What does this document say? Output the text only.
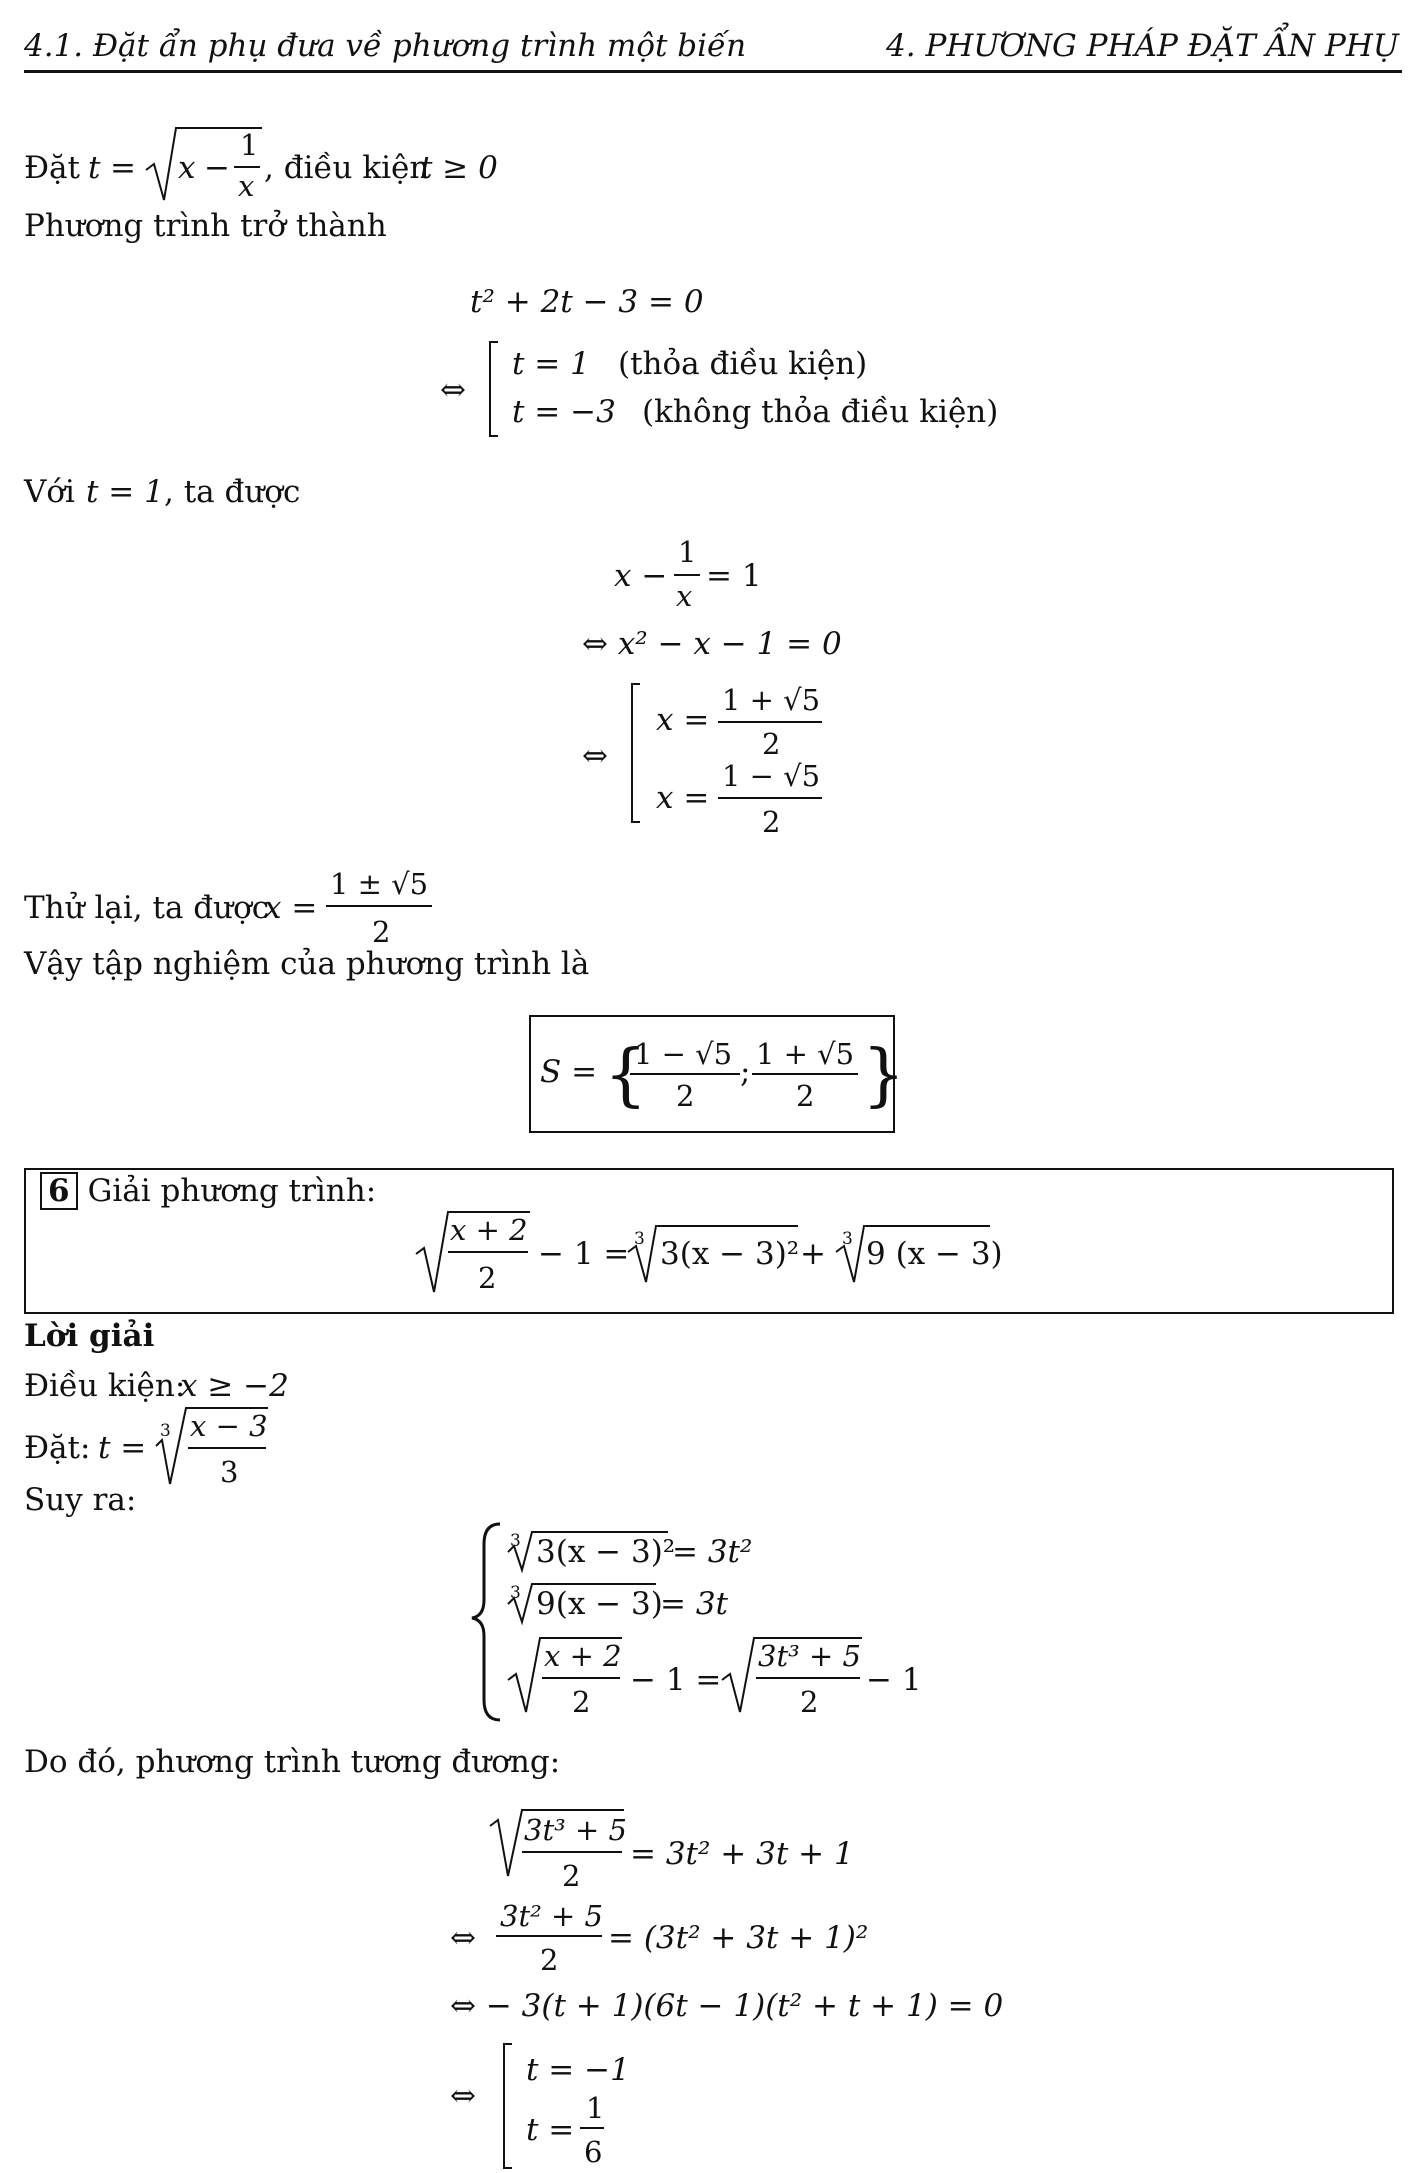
4.1. Đặt ẩn phụ đưa về phương trình một biến	4. PHƯƠNG PHÁP ĐẶT ẨN PHỤ
Đặt t = x −
1
x , điều kiện
t ≥ 0
Phương trình trở thành
t² + 2t − 3 = 0
⇔
t = 1 (thỏa điều kiện)
t = −3 (không thỏa điều kiện)
Với t = 1 , ta được
x −
1
x
= 1
⇔ x² − x − 1 = 0
⇔
x =
1 + √5
2
x =
1 − √5
2
Thử lại, ta được
x =
1 ± √5
2
Vậy tập nghiệm của phương trình là
S = {
1 − √5
2
; 1 + √5
2 }
6 Giải phương trình:
x + 2
2
− 1 = 3 3(x − 3)² + 3 9 (x − 3)
Lời giải
Điều kiện:
x ≥ −2
Đặt: t = 3 x − 3
3
Suy ra:
3 3(x − 3)²
= 3t²
3 9(x − 3)
= 3t
x + 2
2
− 1 =
3t³ + 5
2
− 1
Do đó, phương trình tương đương:
3t³ + 5
2
= 3t² + 3t + 1
⇔
3t² + 5
2
= (3t² + 3t + 1)²
⇔ − 3(t + 1)(6t − 1)(t² + t + 1) = 0
⇔
t = −1
t =
1
6
